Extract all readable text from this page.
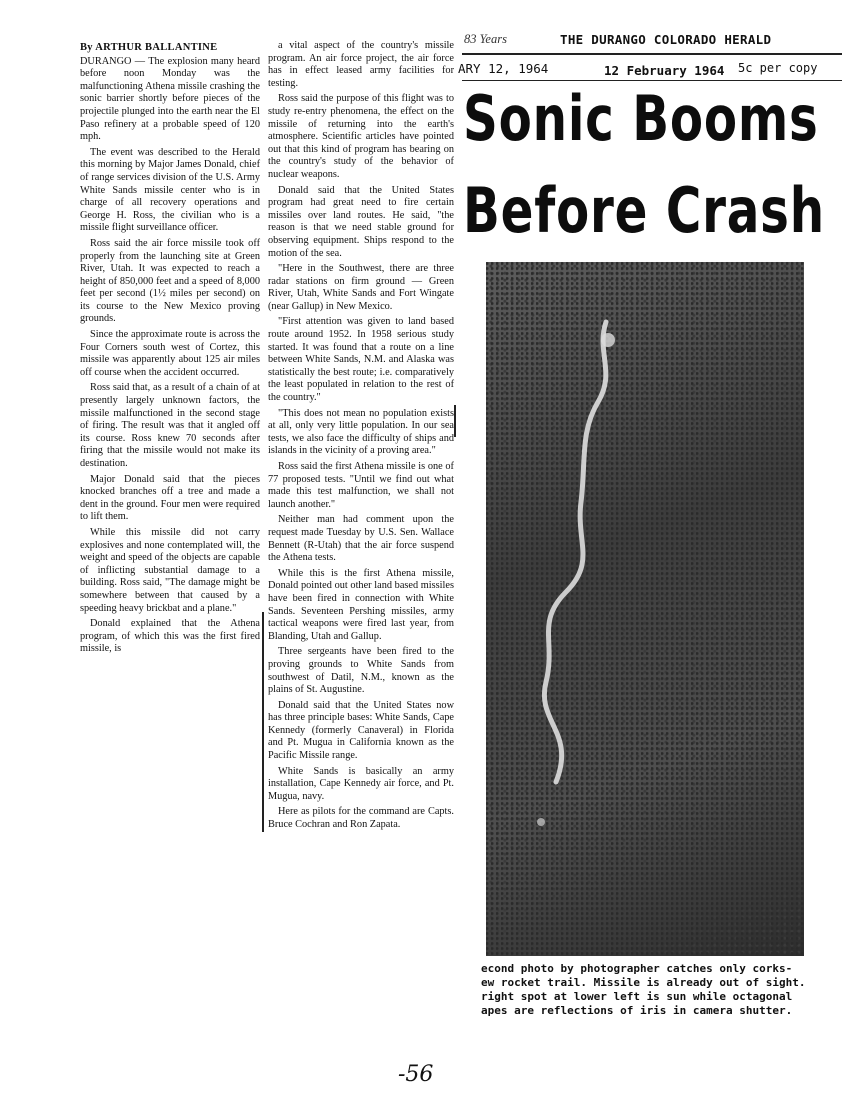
83 Years	THE DURANGO COLORADO HERALD
ARY 12, 1964	12 February 1964 5c per copy
Sonic Booms
Before Crash
By ARTHUR BALLANTINE

DURANGO — The explosion many heard before noon Monday was the malfunctioning Athena missile crashing the sonic barrier shortly before pieces of the projectile plunged into the earth near the El Paso refinery at a probable speed of 120 mph.

The event was described to the Herald this morning by Major James Donald, chief of range services division of the U.S. Army White Sands missile center who is in charge of all recovery operations and George H. Ross, the civilian who is a missile flight surveillance officer.

Ross said the air force missile took off properly from the launching site at Green River, Utah. It was expected to reach a height of 850,000 feet and a speed of 8,000 feet per second (1½ miles per second) on its course to the New Mexico proving grounds.

Since the approximate route is across the Four Corners south west of Cortez, this missile was apparently about 125 air miles off course when the accident occurred.

Ross said that, as a result of a chain of at presently largely unknown factors, the missile malfunctioned in the second stage of firing. The result was that it angled off its course. Ross knew 70 seconds after firing that the missile would not make its destination.

Major Donald said that the pieces knocked branches off a tree and made a dent in the ground. Four men were required to lift them.

While this missile did not carry explosives and none contemplated will, the weight and speed of the objects are capable of inflicting substantial damage to a building. Ross said, "The damage might be somewhere between that caused by a speeding heavy brickbat and a plane."

Donald explained that the Athena program, of which this was the first fired missile, is

a vital aspect of the country's missile program. An air force project, the air force has in effect leased army facilities for testing.

Ross said the purpose of this flight was to study re-entry phenomena, the effect on the missile of returning into the earth's atmosphere. Scientific articles have pointed out that this kind of program has bearing on the country's study of the behavior of nuclear weapons.

Donald said that the United States program had great need to fire certain missiles over land routes. He said, "the reason is that we need stable ground for observing equipment. Ships respond to the motion of the sea.

"Here in the Southwest, there are three radar stations on firm ground — Green River, Utah, White Sands and Fort Wingate (near Gallup) in New Mexico.

"First attention was given to land based route around 1952. In 1958 serious study started. It was found that a route on a line between White Sands, N.M. and Alaska was statistically the best route; i.e. comparatively the least populated in relation to the rest of the country."

"This does not mean no population exists at all, only very little population. In our sea tests, we also face the difficulty of ships and islands in the vicinity of a proving area."

Ross said the first Athena missile is one of 77 proposed tests. "Until we find out what made this test malfunction, we shall not launch another."

Neither man had comment upon the request made Tuesday by U.S. Sen. Wallace Bennett (R-Utah) that the air force suspend the Athena tests.

While this is the first Athena missile, Donald pointed out other land based missiles have been fired in connection with White Sands. Seventeen Pershing missiles, army tactical weapons were fired last year, from Blanding, Utah and Gallup.

Three sergeants have been fired to the proving grounds to White Sands from southwest of Datil, N.M., known as the plains of St. Augustine.

Donald said that the United States now has three principle bases: White Sands, Cape Kennedy (formerly Canaveral) in Florida and Pt. Mugua in California known as the Pacific Missile range.

White Sands is basically an army installation, Cape Kennedy air force, and Pt. Mugua, navy.

Here as pilots for the command are Capts. Bruce Cochran and Ron Zapata.

econd photo by photographer catches only corks-
ew rocket trail. Missile is already out of sight.
right spot at lower left is sun while octagonal
apes are reflections of iris in camera shutter.
-56
